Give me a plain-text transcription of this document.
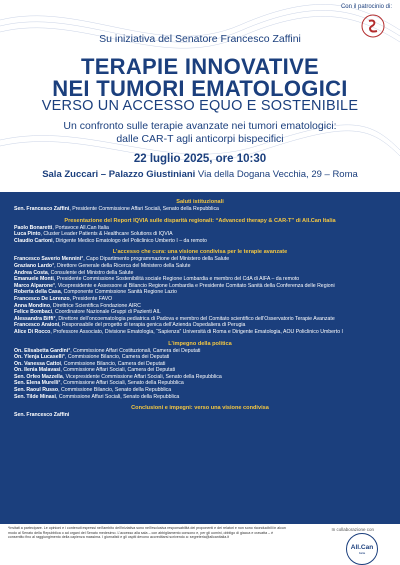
Con il patrocinio di:
Su iniziativa del Senatore Francesco Zaffini
TERAPIE INNOVATIVE
NEI TUMORI EMATOLOGICI
VERSO UN ACCESSO EQUO E SOSTENIBILE
Un confronto sulle terapie avanzate nei tumori ematologici:
dalle CAR-T agli anticorpi bispecifici
22 luglio 2025, ore 10:30
Sala Zuccari – Palazzo Giustiniani Via della Dogana Vecchia, 29 – Roma
Saluti istituzionali
Sen. Francesco Zaffini, Presidente Commissione Affari Sociali, Senato della Repubblica
Presentazione del Report IQVIA sulle disparità regionali: “Advanced therapy & CAR-T” di All.Can Italia
Paolo Bonaretti, Portavoce All.Can Italia
Luca Pinto, Cluster Leader Patients & Healthcare Solutions di IQVIA
Claudio Cartoni, Dirigente Medico Ematologo del Policlinico Umberto I – da remoto
L’accesso che cura: una visione condivisa per le terapie avanzate
Francesco Saverio Mennini*, Capo Dipartimento programmazione del Ministero della Salute
Graziano Lardo*, Direttore Generale della Ricerca del Ministero della Salute
Andrea Costa, Consulente del Ministro della Salute
Emanuele Monti, Presidente Commissione Sostenibilità sociale Regione Lombardia e membro del CdA di AIFA – da remoto
Marco Alparone*, Vicepresidente e Assessore al Bilancio Regione Lombardia e Presidente Comitato Sanità della Conferenza delle Regioni
Roberta della Casa, Componente Commissione Sanità Regione Lazio
Francesco De Lorenzo, Presidente FAVO
Anna Mondino, Direttrice Scientifica Fondazione AIRC
Felice Bombaci, Coordinatore Nazionale Gruppi di Pazienti AIL
Alessandra Biffi*, Direttore dell’oncoematologia pediatrica di Padova e membro del Comitato scientifico dell’Osservatorio Terapie Avanzate
Francesco Araioni, Responsabile del progetto di terapia genica dell’Azienda Ospedaliera di Perugia
Alice Di Rocco, Professore Associato, Divisione Ematologia, “Sapienza” Università di Roma e Dirigente Ematologia, AOU Policlinico Umberto I
L’impegno della politica
On. Elisabetta Gardini*, Commissione Affari Costituzionali, Camera dei Deputati
On. Ylenja Lucaselli*, Commissione Bilancio, Camera dei Deputati
On. Vanessa Cattoi, Commissione Bilancio, Camera dei Deputati
On. Ilenia Malavasi, Commissione Affari Sociali, Camera dei Deputati
Sen. Orfeo Mazzella, Vicepresidente Commissione Affari Sociali, Senato della Repubblica
Sen. Elena Murelli*, Commissione Affari Sociali, Senato della Repubblica
Sen. Raoul Russo, Commissione Bilancio, Senato della Repubblica
Sen. Tilde Minasi, Commissione Affari Sociali, Senato della Repubblica
Conclusioni e impegni: verso una visione condivisa
Sen. Francesco Zaffini
*Invitati a partecipare. Le opinioni e i contenuti espressi nell’ambito dell’iniziativa sono nell’esclusiva responsabilità dei proponenti e dei relatori e non sono riconducibili in alcun modo al Senato della Repubblica o ad organi del Senato medesimo. L’accesso alla sala – con abbigliamento consono e, per gli uomini, obbligo di giacca e cravatta – è consentito fino al raggiungimento della capienza massima. I giornalisti e gli ospiti devono accreditarsi scrivendo a: segreteria@allcanitalia.it
In collaborazione con
All.Can
Italia
